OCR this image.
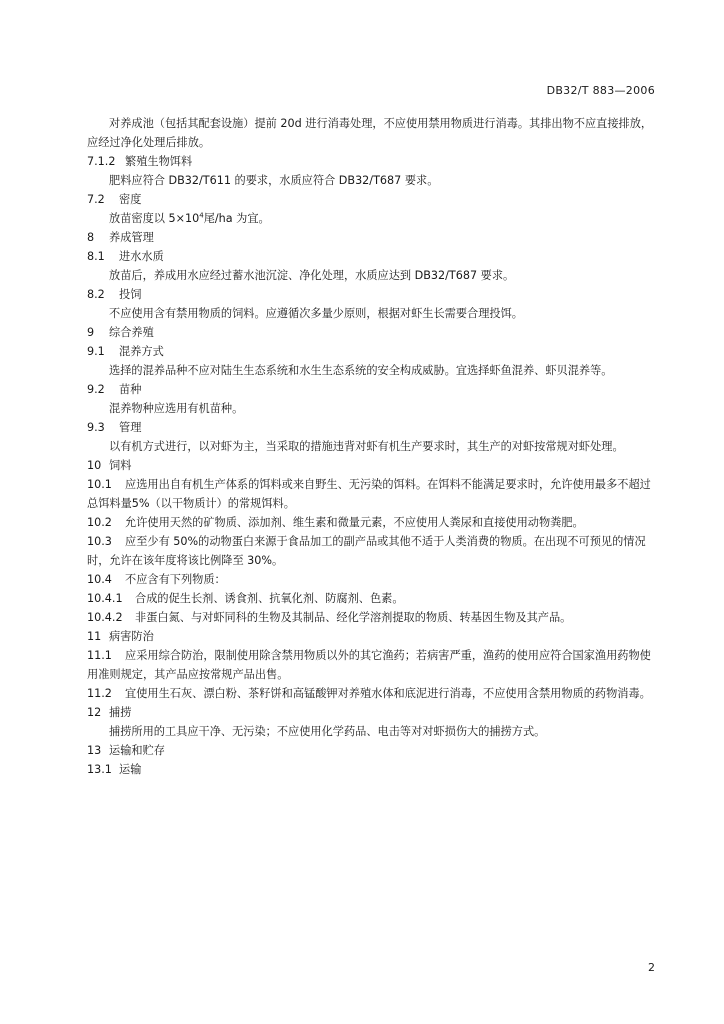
DB32/T 883—2006

对养成池（包括其配套设施）提前 20d 进行消毒处理，不应使用禁用物质进行消毒。其排出物不应直接排放，应经过净化处理后排放。

7.1.2 繁殖生物饵料

肥料应符合 DB32/T611 的要求，水质应符合 DB32/T687 要求。

7.2 密度

放苗密度以 $5\times 10^4$尾/ha 为宜。

8 养成管理

8.1 进水水质

放苗后，养成用水应经过蓄水池沉淀、净化处理，水质应达到 DB32/T687 要求。

8.2 投饲

不应使用含有禁用物质的饲料。应遵循次多量少原则，根据对虾生长需要合理投饵。

9 综合养殖

9.1 混养方式

选择的混养品种不应对陆生生态系统和水生生态系统的安全构成威胁。宜选择虾鱼混养、虾贝混养等。

9.2 苗种

混养物种应选用有机苗种。

9.3 管理

以有机方式进行，以对虾为主，当采取的措施违背对虾有机生产要求时，其生产的对虾按常规对虾处理。

10 饲料

10.1 应选用出自有机生产体系的饵料或来自野生、无污染的饵料。在饵料不能满足要求时，允许使用最多不超过总饵料量5%（以干物质计）的常规饵料。

10.2 允许使用天然的矿物质、添加剂、维生素和微量元素，不应使用人粪尿和直接使用动物粪肥。

10.3 应至少有 50%的动物蛋白来源于食品加工的副产品或其他不适于人类消费的物质。在出现不可预见的情况时，允许在该年度将该比例降至 30%。

10.4 不应含有下列物质：

10.4.1 合成的促生长剂、诱食剂、抗氧化剂、防腐剂、色素。

10.4.2 非蛋白氮、与对虾同科的生物及其制品、经化学溶剂提取的物质、转基因生物及其产品。

11 病害防治

11.1 应采用综合防治，限制使用除含禁用物质以外的其它渔药；若病害严重，渔药的使用应符合国家渔用药物使用准则规定，其产品应按常规产品出售。

11.2 宜使用生石灰、漂白粉、茶籽饼和高锰酸钾对养殖水体和底泥进行消毒，不应使用含禁用物质的药物消毒。

12 捕捞

捕捞所用的工具应干净、无污染；不应使用化学药品、电击等对对虾损伤大的捕捞方式。

13 运输和贮存

13.1 运输

2
